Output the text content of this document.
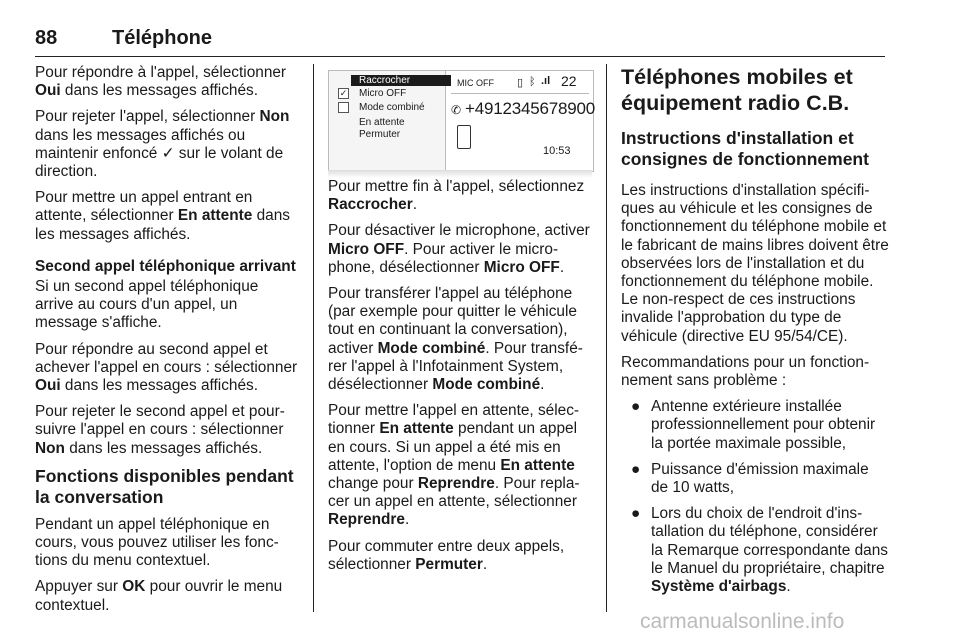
88	Téléphone

Pour répondre à l'appel, sélectionner Oui dans les messages affichés.

Pour rejeter l'appel, sélectionner Non dans les messages affichés ou maintenir enfoncé ✓ sur le volant de direction.

Pour mettre un appel entrant en attente, sélectionner En attente dans les messages affichés.

Second appel téléphonique arrivant

Si un second appel téléphonique arrive au cours d'un appel, un message s'affiche.

Pour répondre au second appel et achever l'appel en cours : sélectionner Oui dans les messages affichés.

Pour rejeter le second appel et poursuivre l'appel en cours : sélectionner Non dans les messages affichés.

Fonctions disponibles pendant la conversation

Pendant un appel téléphonique en cours, vous pouvez utiliser les fonctions du menu contextuel.

Appuyer sur OK pour ouvrir le menu contextuel.

Raccrocher
✓ Micro OFF
Mode combiné
En attente
Permuter
MIC OFF ▯ ᛒ .ıl 22
✆ +4912345678900
10:53

Pour mettre fin à l'appel, sélectionnez Raccrocher.

Pour désactiver le microphone, activer Micro OFF. Pour activer le microphone, désélectionner Micro OFF.

Pour transférer l'appel au téléphone (par exemple pour quitter le véhicule tout en continuant la conversation), activer Mode combiné. Pour transférer l'appel à l'Infotainment System, désélectionner Mode combiné.

Pour mettre l'appel en attente, sélectionner En attente pendant un appel en cours. Si un appel a été mis en attente, l'option de menu En attente change pour Reprendre. Pour replacer un appel en attente, sélectionner Reprendre.

Pour commuter entre deux appels, sélectionner Permuter.

Téléphones mobiles et équipement radio C.B.
Instructions d'installation et consignes de fonctionnement

Les instructions d'installation spécifiques au véhicule et les consignes de fonctionnement du téléphone mobile et le fabricant de mains libres doivent être observées lors de l'installation et du fonctionnement du téléphone mobile. Le non-respect de ces instructions invalide l'approbation du type de véhicule (directive EU 95/54/CE).

Recommandations pour un fonctionnement sans problème :

● Antenne extérieure installée professionnellement pour obtenir la portée maximale possible,
● Puissance d'émission maximale de 10 watts,
● Lors du choix de l'endroit d'installation du téléphone, considérer la Remarque correspondante dans le Manuel du propriétaire, chapitre Système d'airbags.
carmanualsonline.info
